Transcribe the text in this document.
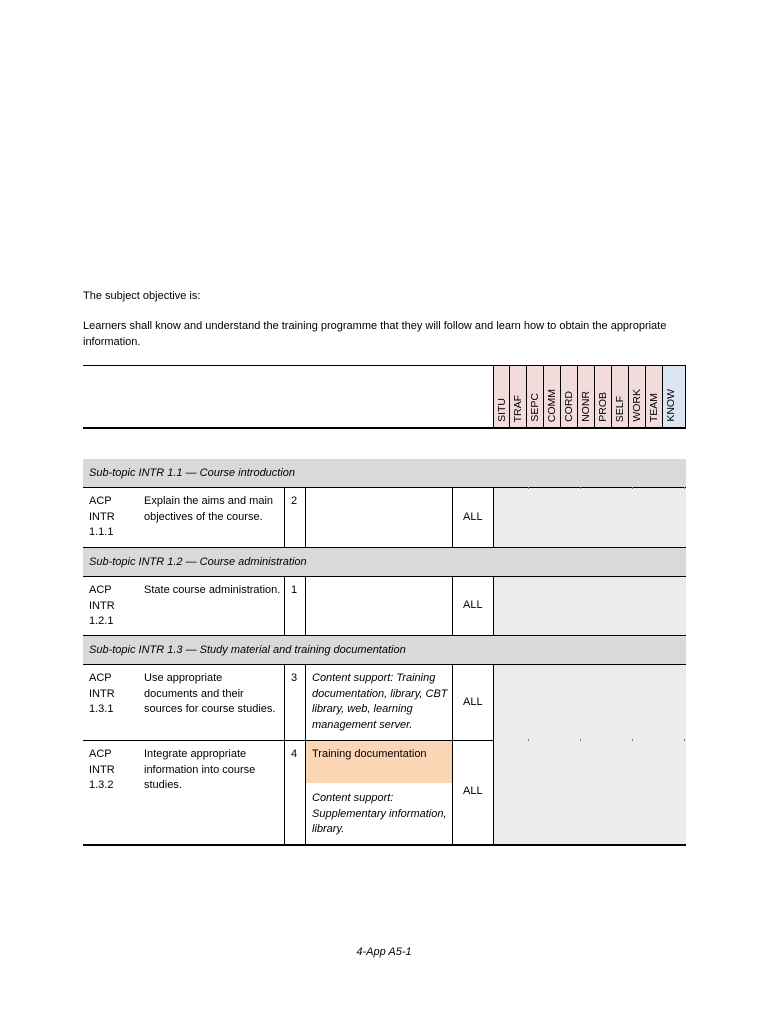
The subject objective is:
Learners shall know and understand the training programme that they will follow and learn how to obtain the appropriate information.
SITU TRAF SEPC COMM CORD NONR PROB SELF WORK TEAM KNOW
Sub-topic INTR 1.1 — Course introduction
ACP
INTR
1.1.1
Explain the aims and main objectives of the course.
2
ALL
Sub-topic INTR 1.2 — Course administration
ACP
INTR
1.2.1
State course administration. 1
ALL
Sub-topic INTR 1.3 — Study material and training documentation
ACP
INTR
1.3.1
Use appropriate documents and their sources for course studies.
3	Content support: Training documentation, library, CBT library, web, learning management server.
ALL
ACP
INTR
1.3.2
Integrate appropriate information into course studies.
4	Training documentation
Content support: Supplementary information, library.
ALL
4-App A5-1
